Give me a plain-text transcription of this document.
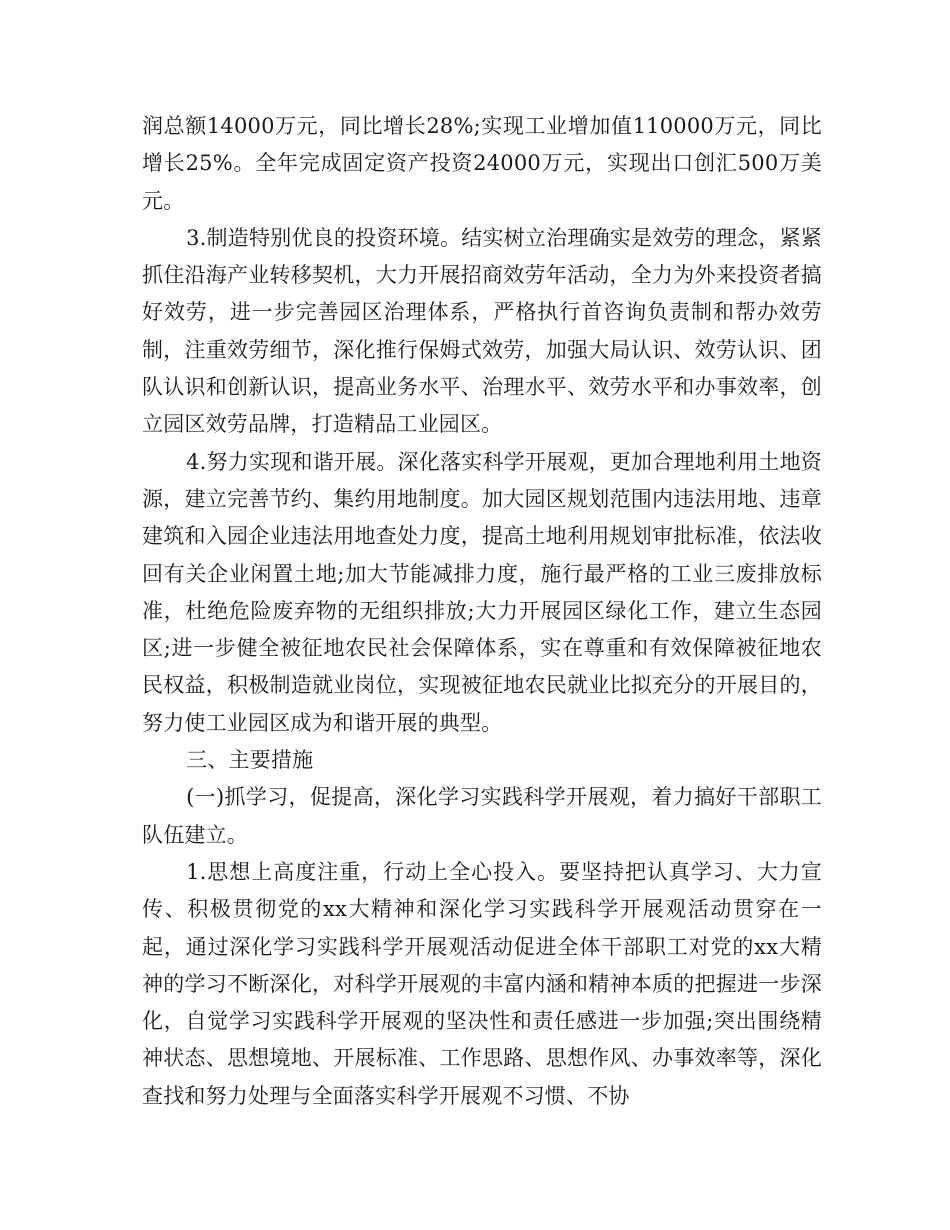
润总额14000万元，同比增长28%;实现工业增加值110000万元，同比增长25%。全年完成固定资产投资24000万元，实现出口创汇500万美元。

3.制造特别优良的投资环境。结实树立治理确实是效劳的理念，紧紧抓住沿海产业转移契机，大力开展招商效劳年活动，全力为外来投资者搞好效劳，进一步完善园区治理体系，严格执行首咨询负责制和帮办效劳制，注重效劳细节，深化推行保姆式效劳，加强大局认识、效劳认识、团队认识和创新认识，提高业务水平、治理水平、效劳水平和办事效率，创立园区效劳品牌，打造精品工业园区。

4.努力实现和谐开展。深化落实科学开展观，更加合理地利用土地资源，建立完善节约、集约用地制度。加大园区规划范围内违法用地、违章建筑和入园企业违法用地查处力度，提高土地利用规划审批标准，依法收回有关企业闲置土地;加大节能减排力度，施行最严格的工业三废排放标准，杜绝危险废弃物的无组织排放;大力开展园区绿化工作，建立生态园区;进一步健全被征地农民社会保障体系，实在尊重和有效保障被征地农民权益，积极制造就业岗位，实现被征地农民就业比拟充分的开展目的，努力使工业园区成为和谐开展的典型。

三、主要措施

(一)抓学习，促提高，深化学习实践科学开展观，着力搞好干部职工队伍建立。

1.思想上高度注重，行动上全心投入。要坚持把认真学习、大力宣传、积极贯彻党的xx大精神和深化学习实践科学开展观活动贯穿在一起，通过深化学习实践科学开展观活动促进全体干部职工对党的xx大精神的学习不断深化，对科学开展观的丰富内涵和精神本质的把握进一步深化，自觉学习实践科学开展观的坚决性和责任感进一步加强;突出围绕精神状态、思想境地、开展标准、工作思路、思想作风、办事效率等，深化查找和努力处理与全面落实科学开展观不习惯、不协
